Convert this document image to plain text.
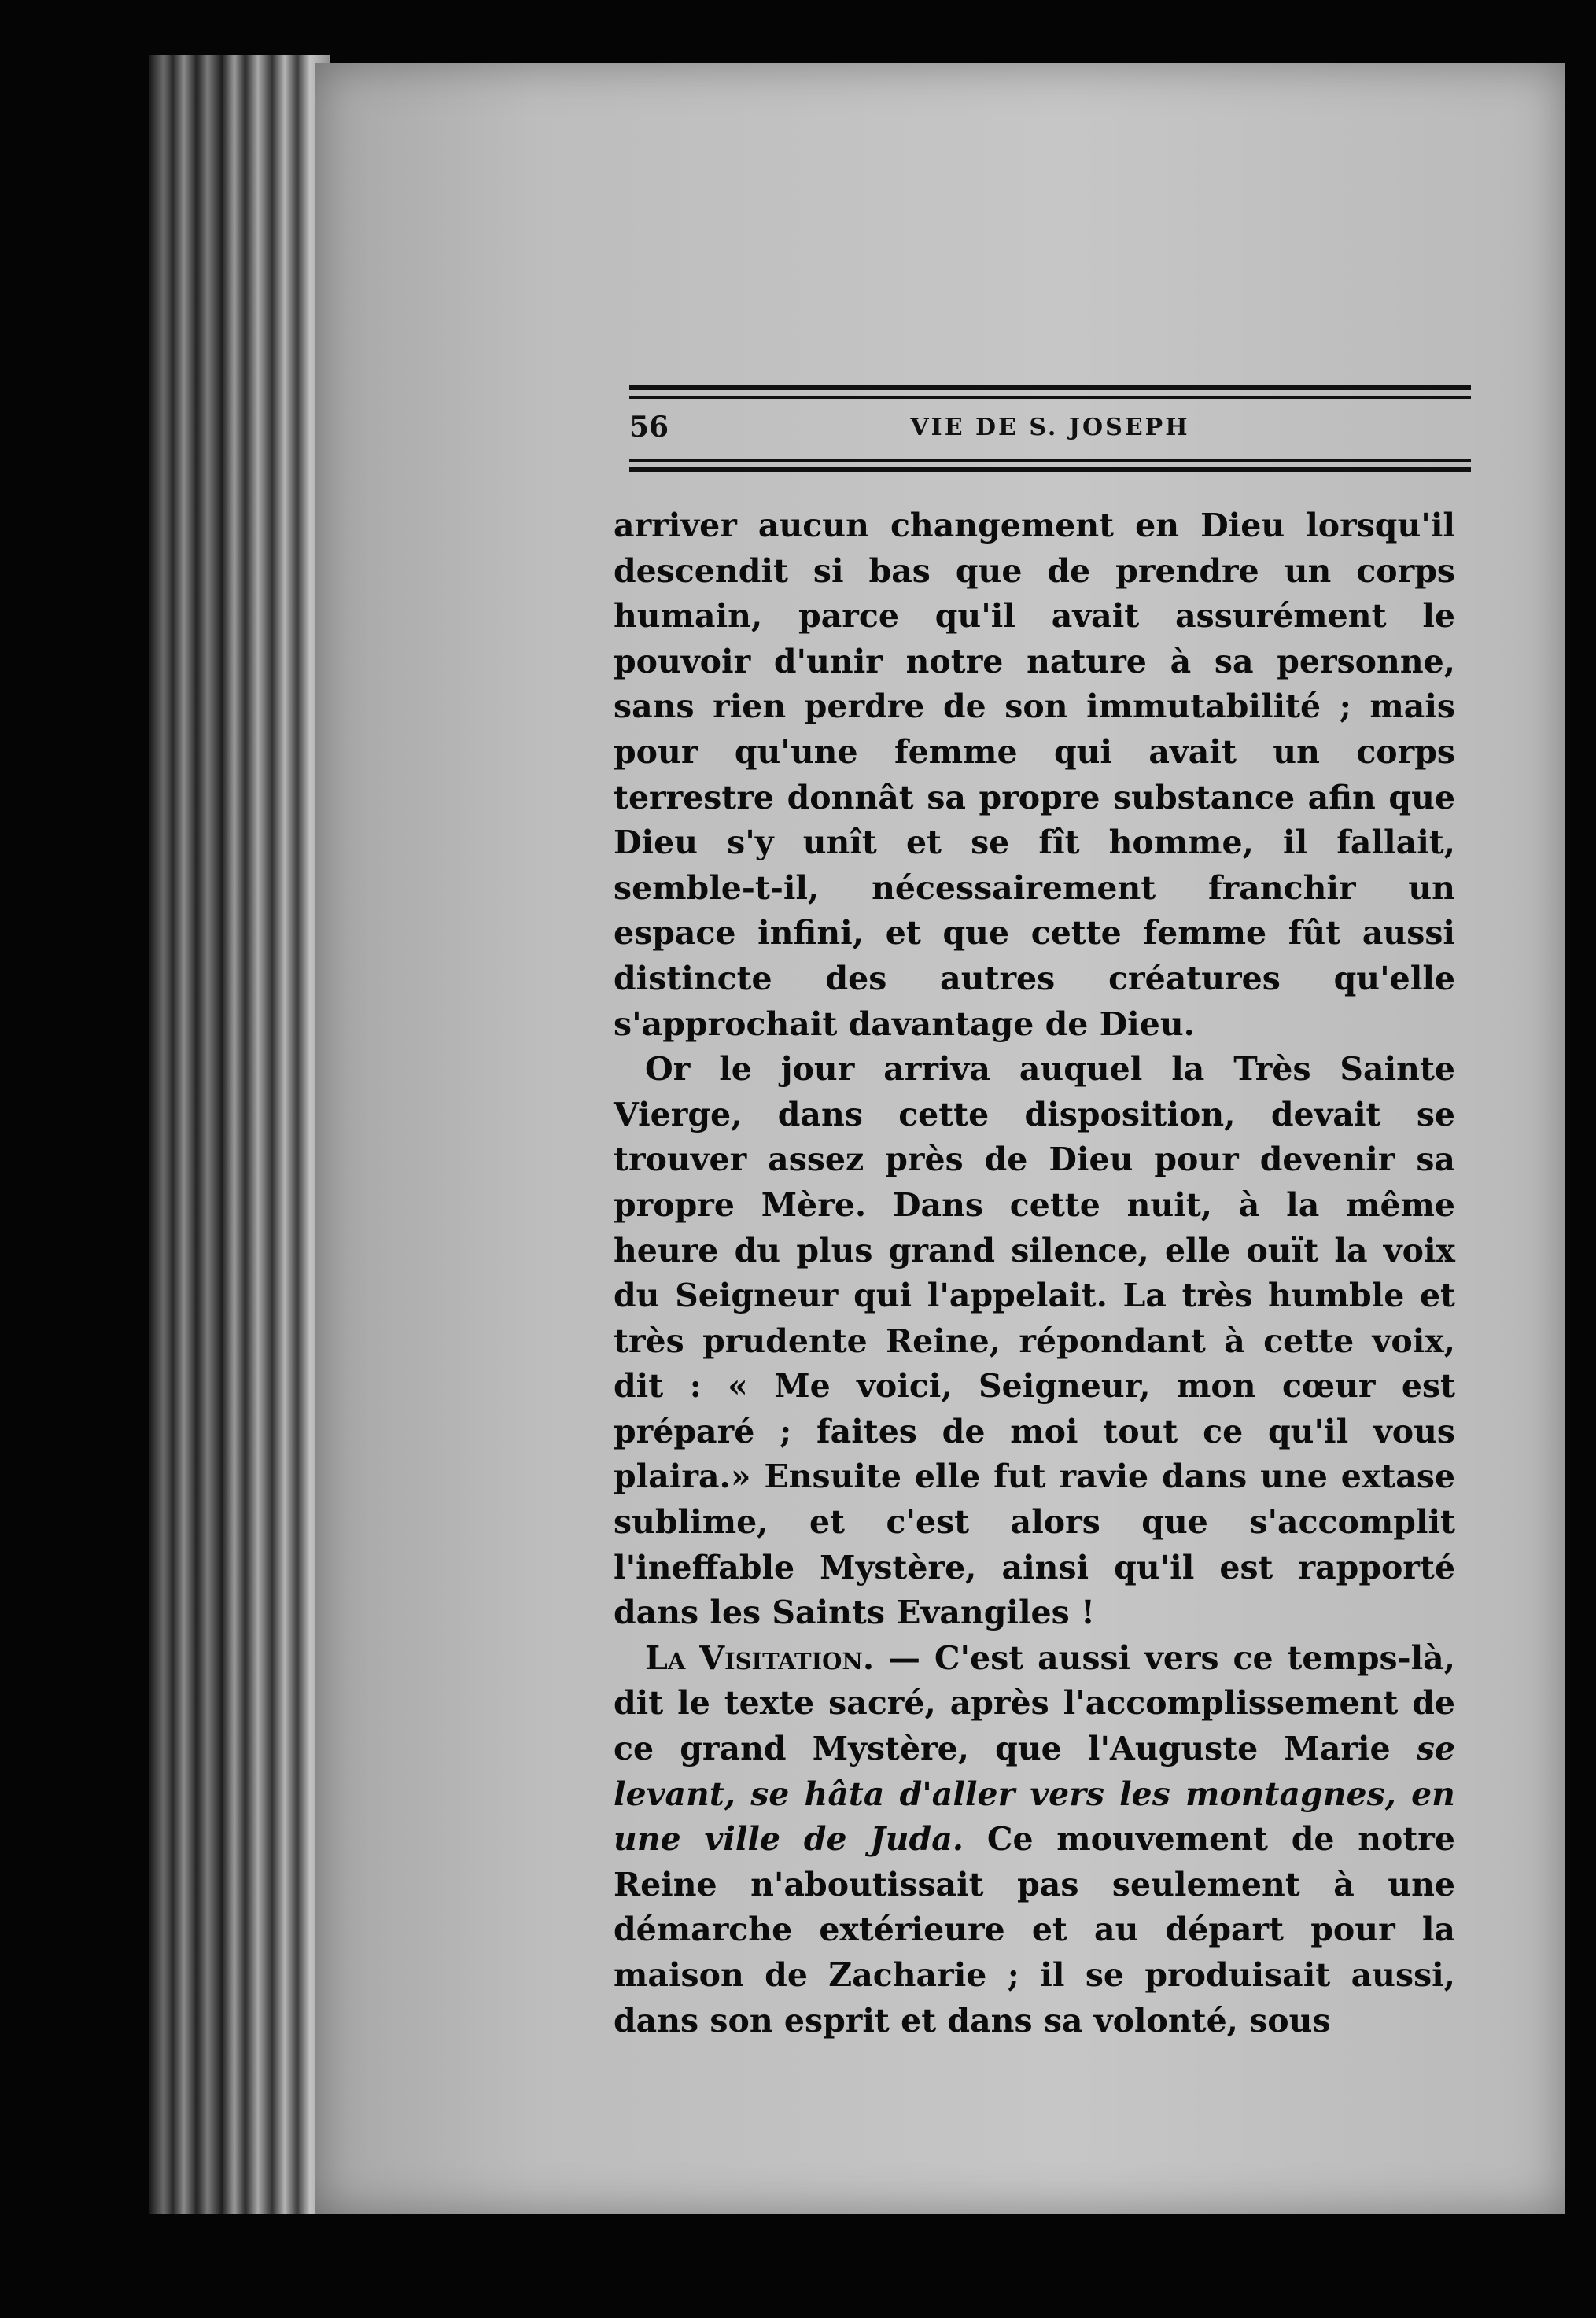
56	VIE DE S. JOSEPH

arriver aucun changement en Dieu lorsqu'il descendit si bas que de prendre un corps humain, parce qu'il avait assurément le pouvoir d'unir notre nature à sa personne, sans rien perdre de son immutabilité ; mais pour qu'une femme qui avait un corps terrestre donnât sa propre substance afin que Dieu s'y unît et se fît homme, il fallait, semble-t-il, nécessairement franchir un espace infini, et que cette femme fût aussi distincte des autres créatures qu'elle s'approchait davantage de Dieu.

Or le jour arriva auquel la Très Sainte Vierge, dans cette disposition, devait se trouver assez près de Dieu pour devenir sa propre Mère. Dans cette nuit, à la même heure du plus grand silence, elle ouït la voix du Seigneur qui l'appelait. La très humble et très prudente Reine, répondant à cette voix, dit : « Me voici, Seigneur, mon cœur est préparé ; faites de moi tout ce qu'il vous plaira.» Ensuite elle fut ravie dans une extase sublime, et c'est alors que s'accomplit l'ineffable Mystère, ainsi qu'il est rapporté dans les Saints Evangiles !

La Visitation. — C'est aussi vers ce temps-là, dit le texte sacré, après l'accomplissement de ce grand Mystère, que l'Auguste Marie se levant, se hâta d'aller vers les montagnes, en une ville de Juda. Ce mouvement de notre Reine n'aboutissait pas seulement à une démarche extérieure et au départ pour la maison de Zacharie ; il se produisait aussi, dans son esprit et dans sa volonté, sous
